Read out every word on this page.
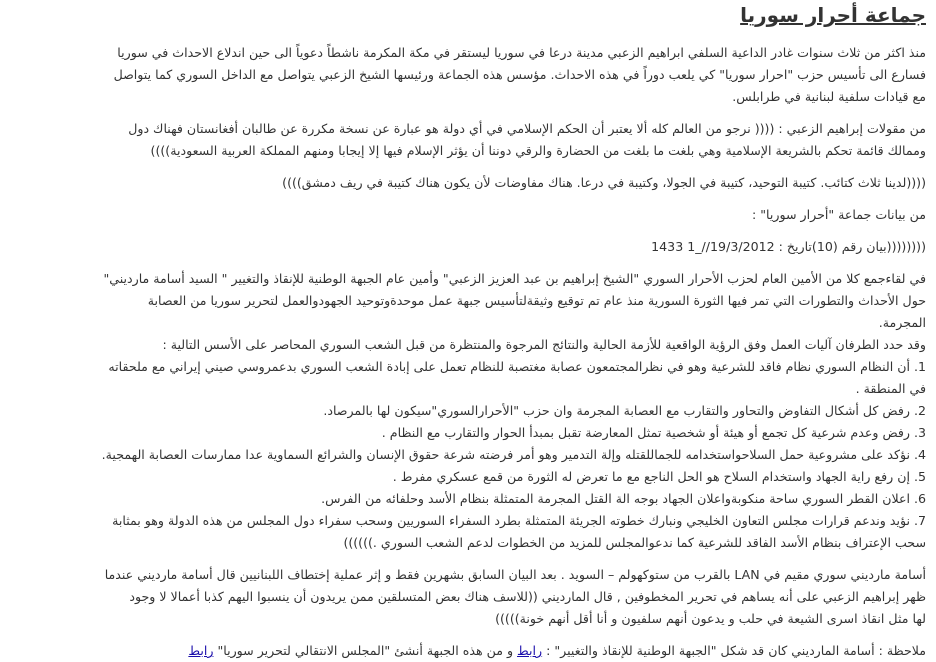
جماعة أحرار سوريا

منذ اكثر من ثلاث سنوات غادر الداعية السلفي ابراهيم الزعبي مدينة درعا في سوريا ليستقر في مكة المكرمة ناشطاً دعوياً الى حين اندلاع الاحداث في سوريا

فسارع الى تأسيس حزب "احرار سوريا" كي يلعب دوراً في هذه الاحداث. مؤسس هذه الجماعة ورئيسها الشيخ الزعبي يتواصل مع الداخل السوري كما يتواصل

مع قيادات سلفية لبنانية في طرابلس.

من مقولات إبراهيم الزعبي : (((( نرجو من العالم كله ألا يعتبر أن الحكم الإسلامي في أي دولة هو عبارة عن نسخة مكررة عن طالبان أفغانستان فهناك دول

وممالك قائمة تحكم بالشريعة الإسلامية وهي بلغت ما بلغت من الحضارة والرقي دوننا أن يؤثر الإسلام فيها إلا إيجابا ومنهم المملكة العربية السعودية))))

((((لدينا ثلاث كتائب. كتيبة التوحيد، كتيبة في الجولا، وكتيبة في درعا. هناك مفاوضات لأن يكون هناك كتيبة في ريف دمشق))))

من بيانات جماعة "أحرار سوريا" :

((((((((بيان رقم (10)تاريخ : 19/3/2012//_1 1433

في لقاءجمع كلا من الأمين العام لحزب الأحرار السوري "الشيخ إبراهيم بن عبد العزيز الزعبي" وأمين عام الجبهة الوطنية للإنقاذ والتغيير " السيد أسامة مارديني"

حول الأحداث والتطورات التي تمر فيها الثورة السورية منذ عام تم توقيع وثيقةلتأسيس جبهة عمل موحدةوتوحيد الجهودوالعمل لتحرير سوريا من العصابة

المجرمة.

وقد حدد الطرفان آليات العمل وفق الرؤية الواقعية للأزمة الحالية والنتائج المرجوة والمنتظرة من قبل الشعب السوري المحاصر على الأسس التالية :

1. أن النظام السوري نظام فاقد للشرعية وهو في نظرالمجتمعون عصابة مغتصبة للنظام تعمل على إبادة الشعب السوري بدعمروسي صيني إيراني مع ملحقاته

في المنطقة .

2. رفض كل أشكال التفاوض والتحاور والتقارب مع العصابة المجرمة وان حزب "الأحرارالسوري"سيكون لها بالمرصاد.

3. رفض وعدم شرعية كل تجمع أو هيئة أو شخصية تمثل المعارضة تقبل بمبدأ الحوار والتقارب مع النظام .

4. نؤكد على مشروعية حمل السلاحواستخدامه للجماللقتله وإلة التدمير وهو أمر فرضته شرعة حقوق الإنسان والشرائع السماوية عدا ممارسات العصابة الهمجية.

5. إن رفع راية الجهاد واستخدام السلاح هو الحل الناجع مع ما تعرض له الثورة من قمع عسكري مفرط .

6. اعلان القطر السوري ساحة منكوبةواعلان الجهاد بوجه الة القتل المجرمة المتمثلة بنظام الأسد وحلفائه من الفرس.

7. نؤيد وندعم قرارات مجلس التعاون الخليجي ونبارك خطوته الجريئة المتمثلة بطرد السفراء السوريين وسحب سفراء دول المجلس من هذه الدولة وهو بمثابة

سحب الإعتراف بنظام الأسد الفاقد للشرعية كما ندعوالمجلس للمزيد من الخطوات لدعم الشعب السوري .))))))

أسامة مارديني سوري مقيم في LAN بالقرب من ستوكهولم – السويد . بعد البيان السابق بشهرين فقط و إثر عملية إختطاف اللبنانيين قال أسامة مارديني عندما

ظهر إبراهيم الزعبي على أنه يساهم في تحرير المخطوفين , قال المارديني ((للاسف هناك بعض المتسلقين ممن يريدون أن ينسبوا اليهم كذبا أعمالا لا وجود

لها مثل انقاذ اسرى الشيعة في حلب و يدعون أنهم سلفيون و أنا أقل أنهم خونة)))))

ملاحظة : أسامة المارديني كان قد شكل "الجبهة الوطنية للإنقاذ والتغيير" : رابط و من هذه الجبهة أنشئ "المجلس الانتقالي لتحرير سوريا" رابط
